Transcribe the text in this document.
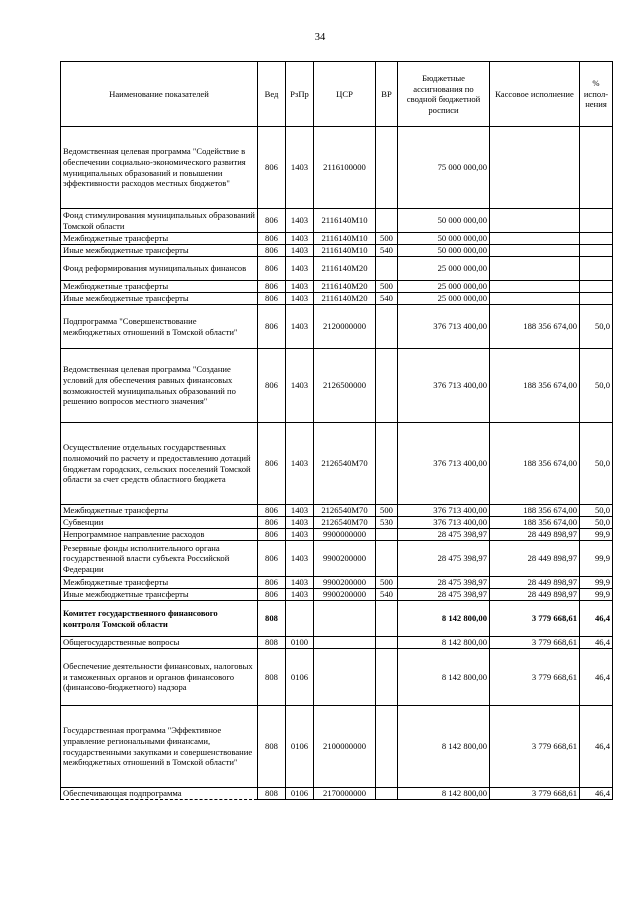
34
Наименование показателей	Вед	РзПр	ЦСР	ВР	Бюджетные ассигнования по сводной бюджетной росписи	Кассовое исполнение	% испол-нения
Ведомственная целевая программа "Содействие в обеспечении социально-экономического развития муниципальных образований и повышении эффективности расходов местных бюджетов"	806	1403	2116100000		75 000 000,00		
Фонд стимулирования муниципальных образований Томской области	806	1403	2116140M10		50 000 000,00		
Межбюджетные трансферты	806	1403	2116140M10	500	50 000 000,00		
Иные межбюджетные трансферты	806	1403	2116140M10	540	50 000 000,00		
Фонд реформирования муниципальных финансов	806	1403	2116140M20		25 000 000,00		
Межбюджетные трансферты	806	1403	2116140M20	500	25 000 000,00		
Иные межбюджетные трансферты	806	1403	2116140M20	540	25 000 000,00		
Подпрограмма "Совершенствование межбюджетных отношений в Томской области"	806	1403	2120000000		376 713 400,00	188 356 674,00	50,0
Ведомственная целевая программа "Создание условий для обеспечения равных финансовых возможностей муниципальных образований по решению вопросов местного значения"	806	1403	2126500000		376 713 400,00	188 356 674,00	50,0
Осуществление отдельных государственных полномочий по расчету и предоставлению дотаций бюджетам городских, сельских поселений Томской области за счет средств областного бюджета	806	1403	2126540M70		376 713 400,00	188 356 674,00	50,0
Межбюджетные трансферты	806	1403	2126540M70	500	376 713 400,00	188 356 674,00	50,0
Субвенции	806	1403	2126540M70	530	376 713 400,00	188 356 674,00	50,0
Непрограммное направление расходов	806	1403	9900000000		28 475 398,97	28 449 898,97	99,9
Резервные фонды исполнительного органа государственной власти субъекта Российской Федерации	806	1403	9900200000		28 475 398,97	28 449 898,97	99,9
Межбюджетные трансферты	806	1403	9900200000	500	28 475 398,97	28 449 898,97	99,9
Иные межбюджетные трансферты	806	1403	9900200000	540	28 475 398,97	28 449 898,97	99,9
Комитет государственного финансового контроля Томской области	808				8 142 800,00	3 779 668,61	46,4
Общегосударственные вопросы	808	0100			8 142 800,00	3 779 668,61	46,4
Обеспечение деятельности финансовых, налоговых и таможенных органов и органов финансового (финансово-бюджетного) надзора	808	0106			8 142 800,00	3 779 668,61	46,4
Государственная программа "Эффективное управление региональными финансами, государственными закупками и совершенствование межбюджетных отношений в Томской области"	808	0106	2100000000		8 142 800,00	3 779 668,61	46,4
Обеспечивающая подпрограмма	808	0106	2170000000		8 142 800,00	3 779 668,61	46,4
